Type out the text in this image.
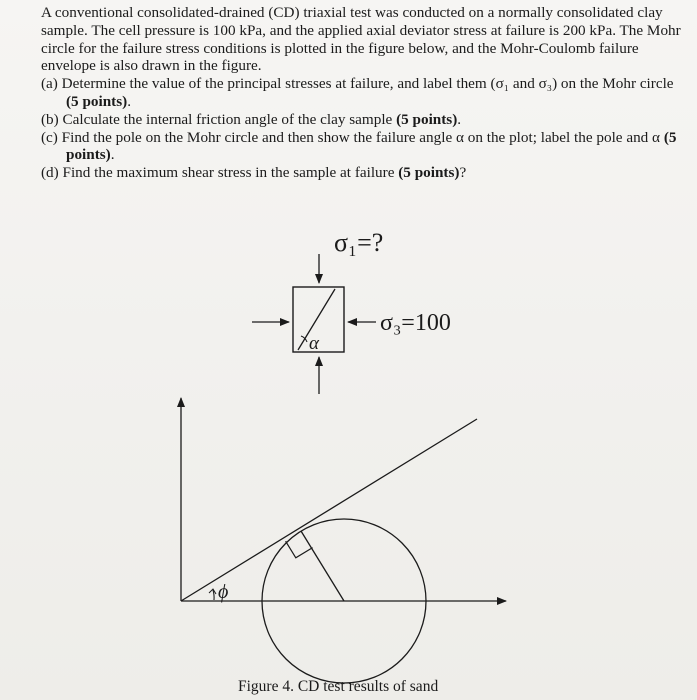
A conventional consolidated-drained (CD) triaxial test was conducted on a normally consolidated clay sample. The cell pressure is 100 kPa, and the applied axial deviator stress at failure is 200 kPa. The Mohr circle for the failure stress conditions is plotted in the figure below, and the Mohr-Coulomb failure envelope is also drawn in the figure.

(a) Determine the value of the principal stresses at failure, and label them (σ₁ and σ₃) on the Mohr circle (5 points).

(b) Calculate the internal friction angle of the clay sample (5 points).

(c) Find the pole on the Mohr circle and then show the failure angle α on the plot; label the pole and α (5 points).

(d) Find the maximum shear stress in the sample at failure (5 points)?

σ₁=?
α
σ₃=100
ϕ
Figure 4. CD test results of sand
